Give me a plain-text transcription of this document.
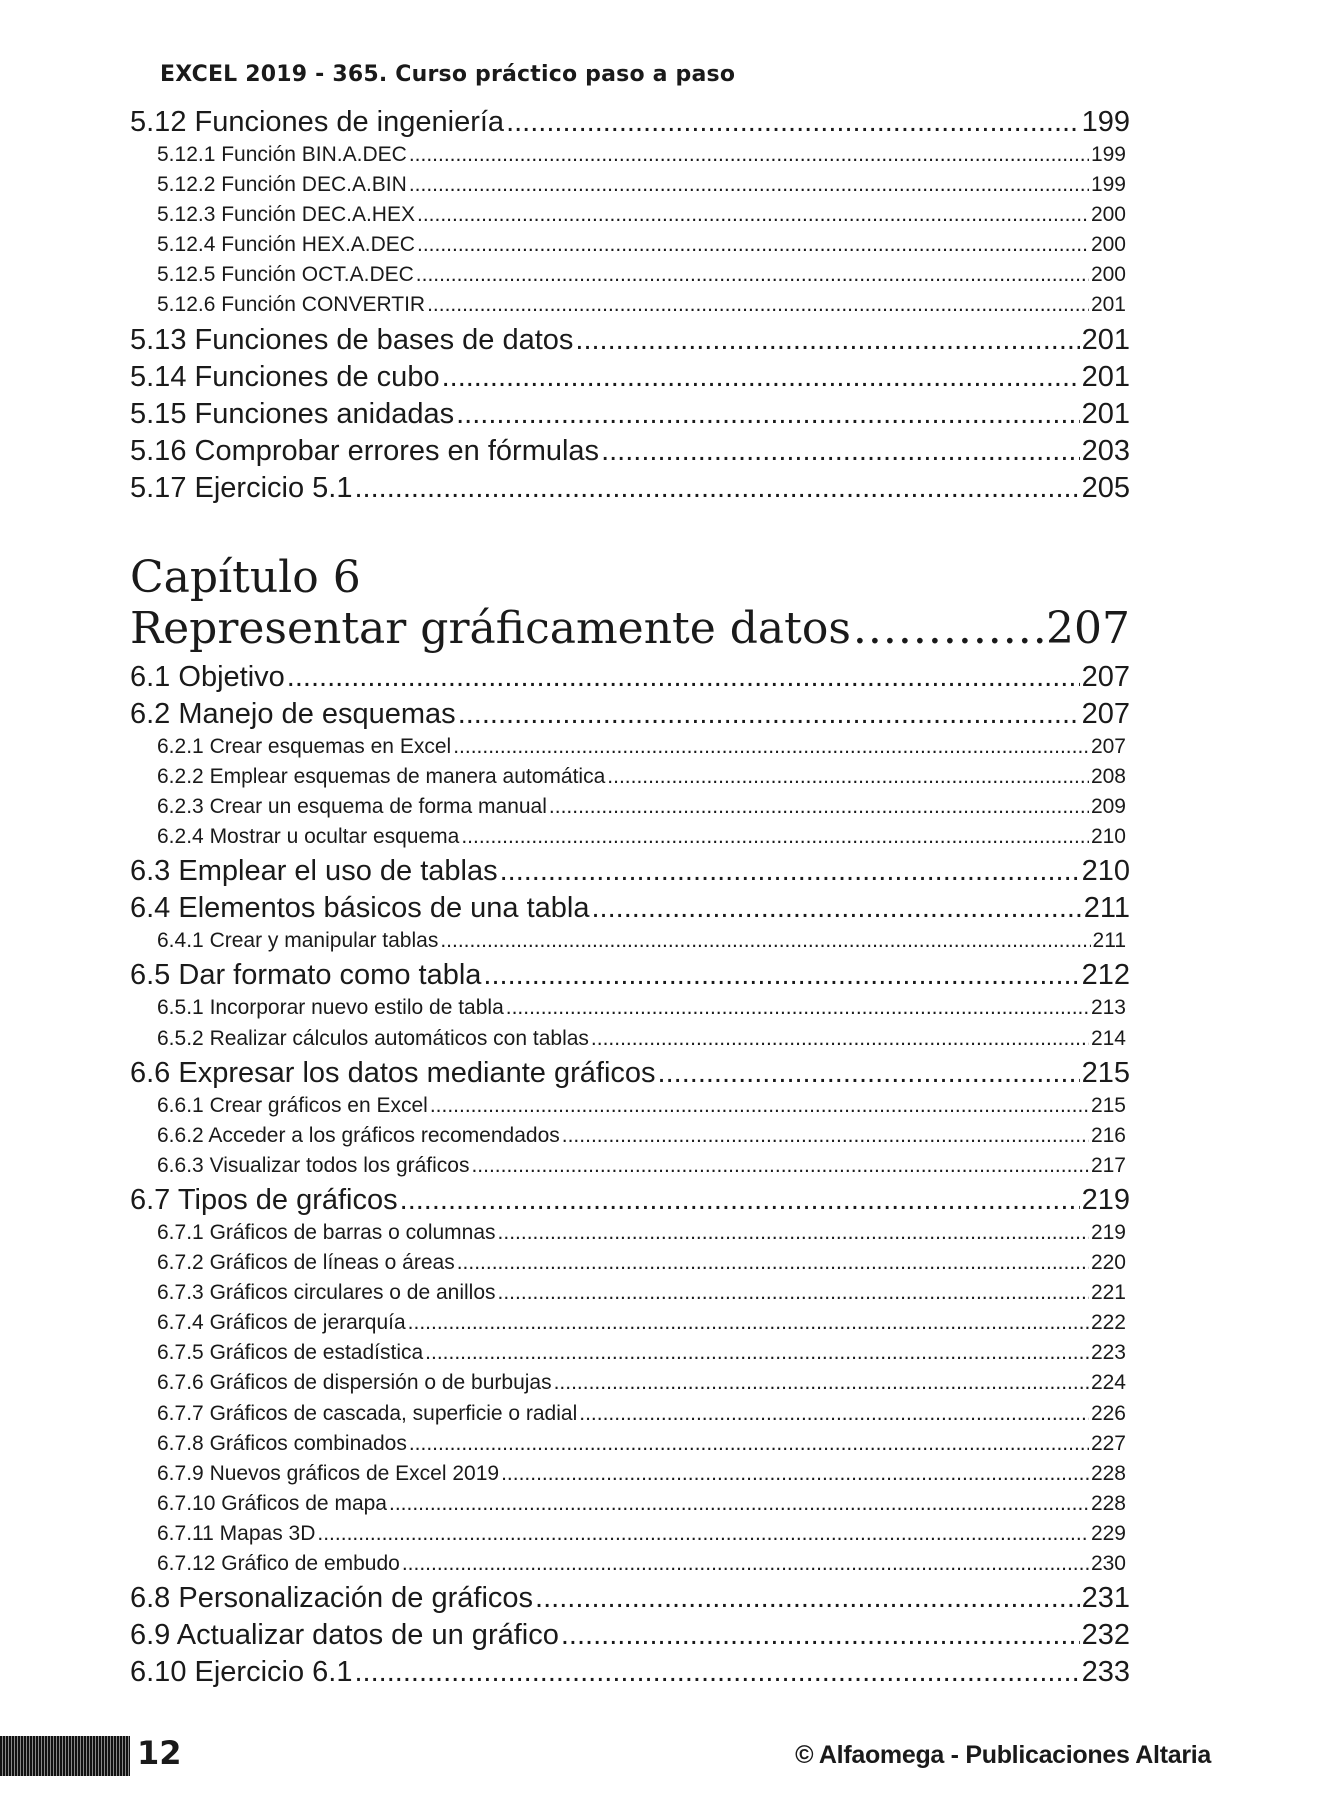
EXCEL 2019 - 365. Curso práctico paso a paso
5.12 Funciones de ingeniería .....	199
5.12.1 Función BIN.A.DEC .....	199
5.12.2 Función DEC.A.BIN .....	199
5.12.3 Función DEC.A.HEX .....	200
5.12.4 Función HEX.A.DEC .....	200
5.12.5 Función OCT.A.DEC .....	200
5.12.6 Función CONVERTIR .....	201
5.13 Funciones de bases de datos .....	201
5.14 Funciones de cubo .....	201
5.15 Funciones anidadas .....	201
5.16 Comprobar errores en fórmulas .....	203
5.17 Ejercicio 5.1 .....	205
Capítulo 6
Representar gráficamente datos .....	207
6.1 Objetivo .....	207
6.2 Manejo de esquemas .....	207
6.2.1 Crear esquemas en Excel .....	207
6.2.2 Emplear esquemas de manera automática .....	208
6.2.3 Crear un esquema de forma manual .....	209
6.2.4 Mostrar u ocultar esquema .....	210
6.3 Emplear el uso de tablas .....	210
6.4 Elementos básicos de una tabla .....	211
6.4.1 Crear y manipular tablas .....	211
6.5 Dar formato como tabla .....	212
6.5.1 Incorporar nuevo estilo de tabla .....	213
6.5.2 Realizar cálculos automáticos con tablas .....	214
6.6 Expresar los datos mediante gráficos .....	215
6.6.1 Crear gráficos en Excel .....	215
6.6.2 Acceder a los gráficos recomendados .....	216
6.6.3 Visualizar todos los gráficos .....	217
6.7 Tipos de gráficos .....	219
6.7.1 Gráficos de barras o columnas .....	219
6.7.2 Gráficos de líneas o áreas .....	220
6.7.3 Gráficos circulares o de anillos .....	221
6.7.4 Gráficos de jerarquía .....	222
6.7.5 Gráficos de estadística .....	223
6.7.6 Gráficos de dispersión o de burbujas .....	224
6.7.7 Gráficos de cascada, superficie o radial .....	226
6.7.8 Gráficos combinados .....	227
6.7.9 Nuevos gráficos de Excel 2019 .....	228
6.7.10 Gráficos de mapa .....	228
6.7.11 Mapas 3D .....	229
6.7.12 Gráfico de embudo .....	230
6.8 Personalización de gráficos .....	231
6.9 Actualizar datos de un gráfico .....	232
6.10 Ejercicio 6.1 .....	233
12	© Alfaomega - Publicaciones Altaria
